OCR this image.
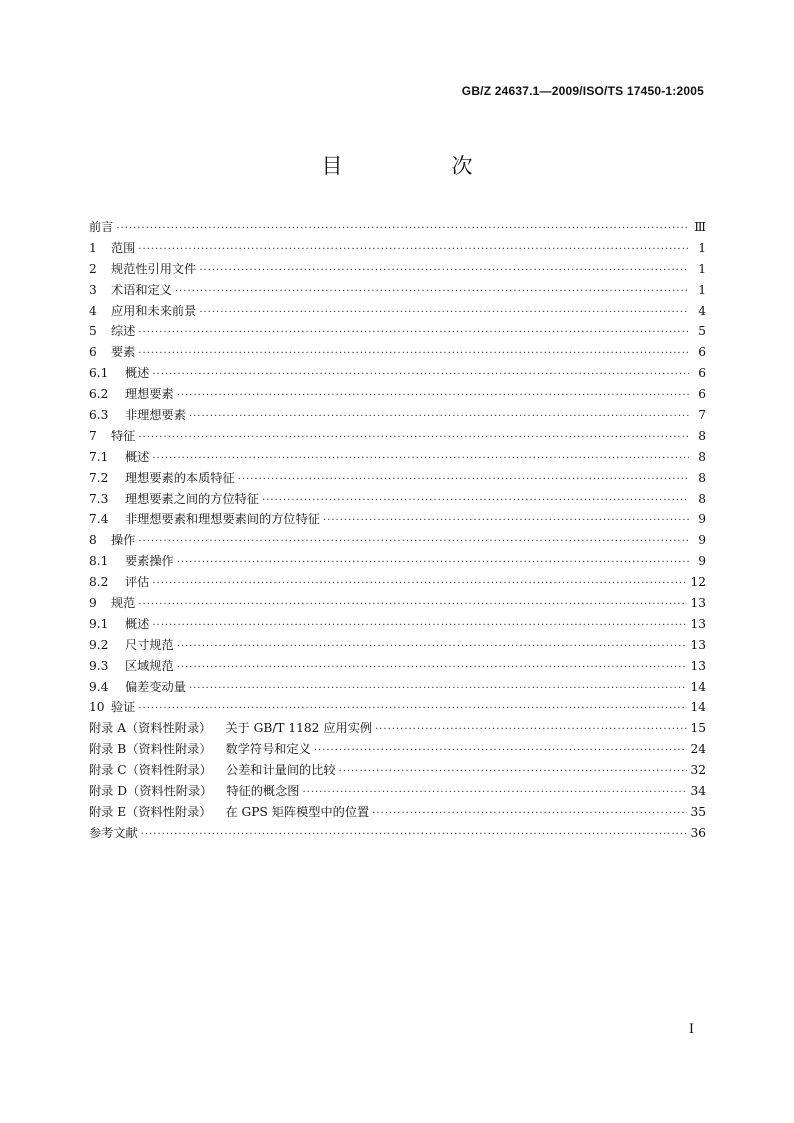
GB/Z 24637.1—2009/ISO/TS 17450-1:2005
目　次
前言 ·····	Ⅲ
1	范围 ·····	1
2	规范性引用文件 ·····	1
3	术语和定义 ·····	1
4	应用和未来前景 ·····	4
5	综述 ·····	5
6	要素 ·····	6
6.1	概述 ·····	6
6.2	理想要素 ·····	6
6.3	非理想要素 ·····	7
7	特征 ·····	8
7.1	概述 ·····	8
7.2	理想要素的本质特征 ·····	8
7.3	理想要素之间的方位特征 ·····	8
7.4	非理想要素和理想要素间的方位特征 ·····	9
8	操作 ·····	9
8.1	要素操作 ·····	9
8.2	评估 ·····	12
9	规范 ·····	13
9.1	概述 ·····	13
9.2	尺寸规范 ·····	13
9.3	区域规范 ·····	13
9.4	偏差变动量 ·····	14
10 验证 ·····	14
附录 A（资料性附录） 关于 GB/T 1182 应用实例 ·····	15
附录 B（资料性附录） 数学符号和定义 ·····	24
附录 C（资料性附录） 公差和计量间的比较 ·····	32
附录 D（资料性附录） 特征的概念图 ·····	34
附录 E（资料性附录） 在 GPS 矩阵模型中的位置 ·····	35
参考文献 ·····	36
I
